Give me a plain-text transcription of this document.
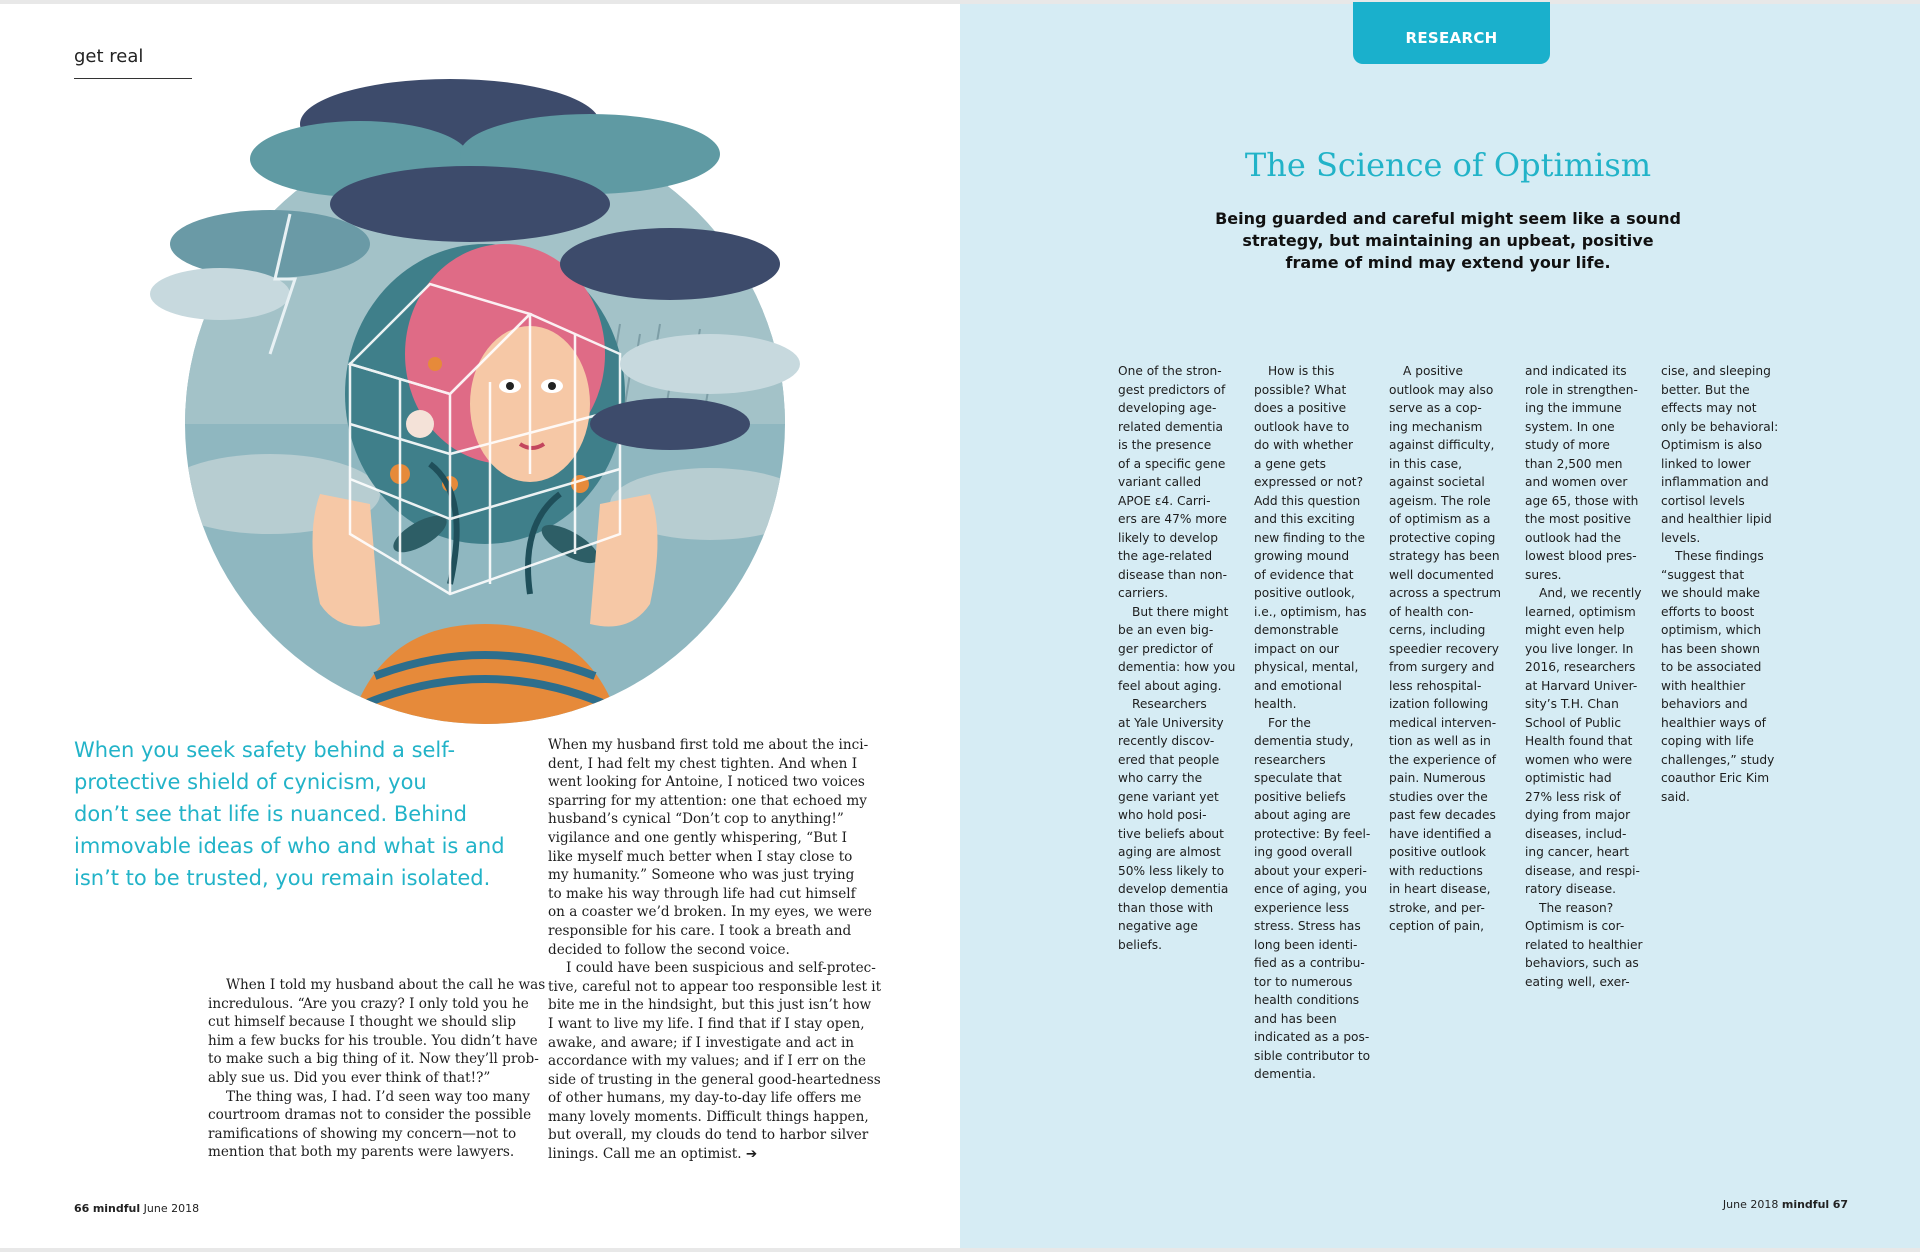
get real
When you seek safety behind a self-
protective shield of cynicism, you
don’t see that life is nuanced. Behind
immovable ideas of who and what is and
isn’t to be trusted, you remain isolated.
When I told my husband about the call he was
incredulous. “Are you crazy? I only told you he
cut himself because I thought we should slip
him a few bucks for his trouble. You didn’t have
to make such a big thing of it. Now they’ll prob-
ably sue us. Did you ever think of that!?”
The thing was, I had. I’d seen way too many
courtroom dramas not to consider the possible
ramifications of showing my concern—not to
mention that both my parents were lawyers.
When my husband first told me about the inci-
dent, I had felt my chest tighten. And when I
went looking for Antoine, I noticed two voices
sparring for my attention: one that echoed my
husband’s cynical “Don’t cop to anything!”
vigilance and one gently whispering, “But I
like myself much better when I stay close to
my humanity.” Someone who was just trying
to make his way through life had cut himself
on a coaster we’d broken. In my eyes, we were
responsible for his care. I took a breath and
decided to follow the second voice.
I could have been suspicious and self-protec-
tive, careful not to appear too responsible lest it
bite me in the hindsight, but this just isn’t how
I want to live my life. I find that if I stay open,
awake, and aware; if I investigate and act in
accordance with my values; and if I err on the
side of trusting in the general good-heartedness
of other humans, my day-to-day life offers me
many lovely moments. Difficult things happen,
but overall, my clouds do tend to harbor silver
linings. Call me an optimist. ➔
66 mindful June 2018
RESEARCH
The Science of Optimism
Being guarded and careful might seem like a sound
strategy, but maintaining an upbeat, positive
frame of mind may extend your life.
One of the stron-
gest predictors of
developing age-
related dementia
is the presence
of a specific gene
variant called
APOE ε4. Carri-
ers are 47% more
likely to develop
the age-related
disease than non-
carriers.
But there might
be an even big-
ger predictor of
dementia: how you
feel about aging.
Researchers
at Yale University
recently discov-
ered that people
who carry the
gene variant yet
who hold posi-
tive beliefs about
aging are almost
50% less likely to
develop dementia
than those with
negative age
beliefs.
How is this
possible? What
does a positive
outlook have to
do with whether
a gene gets
expressed or not?
Add this question
and this exciting
new finding to the
growing mound
of evidence that
positive outlook,
i.e., optimism, has
demonstrable
impact on our
physical, mental,
and emotional
health.
For the
dementia study,
researchers
speculate that
positive beliefs
about aging are
protective: By feel-
ing good overall
about your experi-
ence of aging, you
experience less
stress. Stress has
long been identi-
fied as a contribu-
tor to numerous
health conditions
and has been
indicated as a pos-
sible contributor to
dementia.
A positive
outlook may also
serve as a cop-
ing mechanism
against difficulty,
in this case,
against societal
ageism. The role
of optimism as a
protective coping
strategy has been
well documented
across a spectrum
of health con-
cerns, including
speedier recovery
from surgery and
less rehospital-
ization following
medical interven-
tion as well as in
the experience of
pain. Numerous
studies over the
past few decades
have identified a
positive outlook
with reductions
in heart disease,
stroke, and per-
ception of pain,
and indicated its
role in strengthen-
ing the immune
system. In one
study of more
than 2,500 men
and women over
age 65, those with
the most positive
outlook had the
lowest blood pres-
sures.
And, we recently
learned, optimism
might even help
you live longer. In
2016, researchers
at Harvard Univer-
sity’s T.H. Chan
School of Public
Health found that
women who were
optimistic had
27% less risk of
dying from major
diseases, includ-
ing cancer, heart
disease, and respi-
ratory disease.
The reason?
Optimism is cor-
related to healthier
behaviors, such as
eating well, exer-
cise, and sleeping
better. But the
effects may not
only be behavioral:
Optimism is also
linked to lower
inflammation and
cortisol levels
and healthier lipid
levels.
These findings
“suggest that
we should make
efforts to boost
optimism, which
has been shown
to be associated
with healthier
behaviors and
healthier ways of
coping with life
challenges,” study
coauthor Eric Kim
said.
June 2018 mindful 67
